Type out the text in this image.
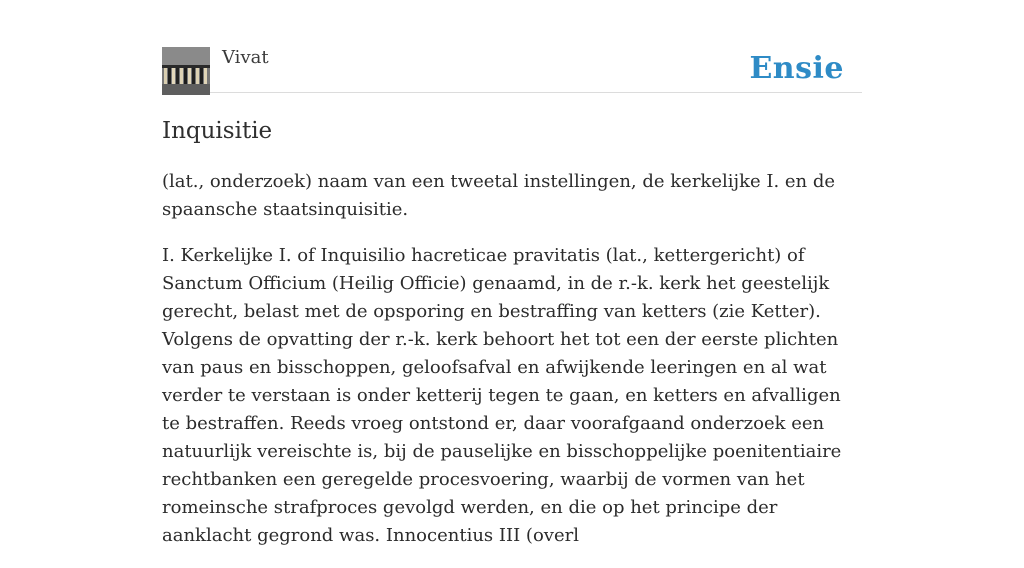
Vivat	Ensie
Inquisitie

(lat., onderzoek) naam van een tweetal instellingen, de kerkelijke I. en de spaansche staatsinquisitie.

I. Kerkelijke I. of Inquisilio hacreticae pravitatis (lat., kettergericht) of Sanctum Officium (Heilig Officie) genaamd, in de r.-k. kerk het geestelijk gerecht, belast met de opsporing en bestraffing van ketters (zie Ketter). Volgens de opvatting der r.-k. kerk behoort het tot een der eerste plichten van paus en bisschoppen, geloofsafval en afwijkende leeringen en al wat verder te verstaan is onder ketterij tegen te gaan, en ketters en afvalligen te bestraffen. Reeds vroeg ontstond er, daar voorafgaand onderzoek een natuurlijk vereischte is, bij de pauselijke en bisschoppelijke poenitentiaire rechtbanken een geregelde procesvoering, waarbij de vormen van het romeinsche strafproces gevolgd werden, en die op het principe der aanklacht gegrond was. Innocentius III (overl
